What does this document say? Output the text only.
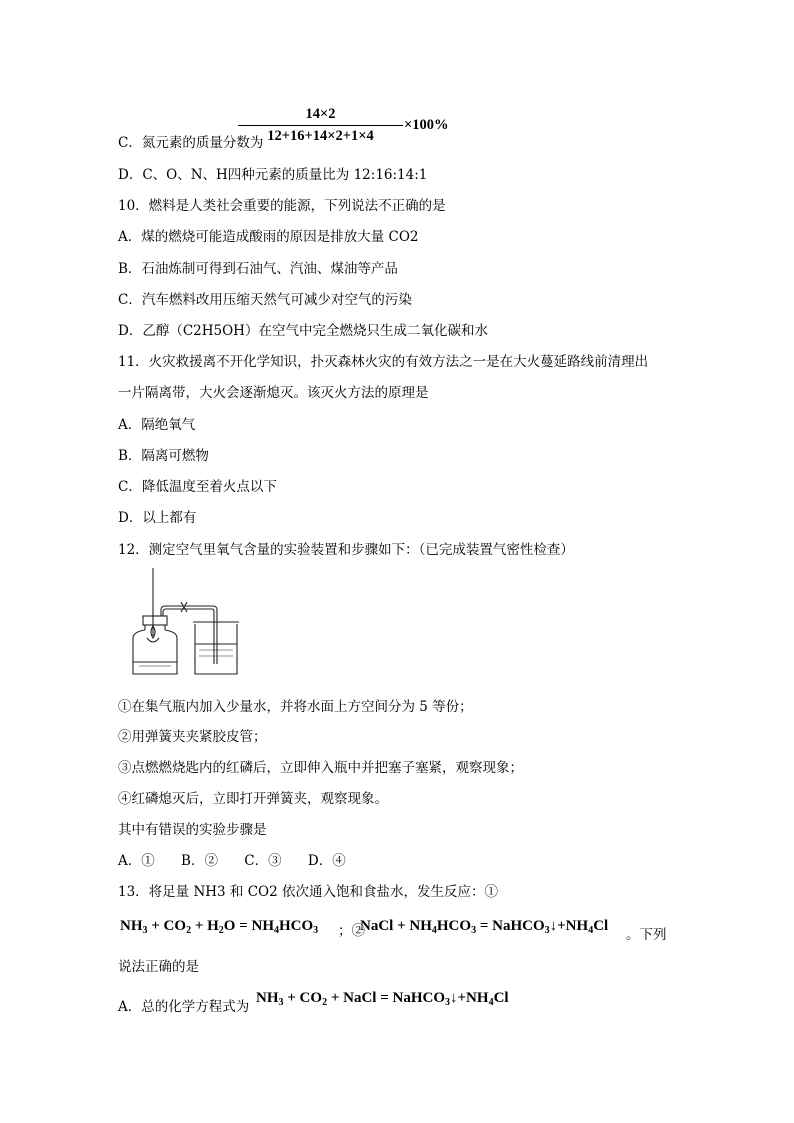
14×2
12+16+14×2+1×4
×100%
C．氮元素的质量分数为
D．C、O、N、H四种元素的质量比为 12:16:14:1
10．燃料是人类社会重要的能源，下列说法不正确的是
A．煤的燃烧可能造成酸雨的原因是排放大量 CO2
B．石油炼制可得到石油气、汽油、煤油等产品
C．汽车燃料改用压缩天然气可减少对空气的污染
D．乙醇（C2H5OH）在空气中完全燃烧只生成二氧化碳和水
11．火灾救援离不开化学知识，扑灭森林火灾的有效方法之一是在大火蔓延路线前清理出
一片隔离带，大火会逐渐熄灭。该灭火方法的原理是
A．隔绝氧气
B．隔离可燃物
C．降低温度至着火点以下
D．以上都有
12．测定空气里氧气含量的实验装置和步骤如下：（已完成装置气密性检查）
①在集气瓶内加入少量水，并将水面上方空间分为 5 等份；
②用弹簧夹夹紧胶皮管；
③点燃燃烧匙内的红磷后，立即伸入瓶中并把塞子塞紧，观察现象；
④红磷熄灭后，立即打开弹簧夹，观察现象。
其中有错误的实验步骤是
A．① B．② C．③ D．④
13．将足量 NH3 和 CO2 依次通入饱和食盐水，发生反应：①
$NH_3 + CO_2 + H_2O = NH_4HCO_3$ ；②
NaCl + $NH_4HCO_3$ = $NaHCO_3↓+NH_4Cl$
。下列
说法正确的是
A．总的化学方程式为
$NH_3 + CO_2$ + NaCl = $NaHCO_3↓+NH_4Cl$
